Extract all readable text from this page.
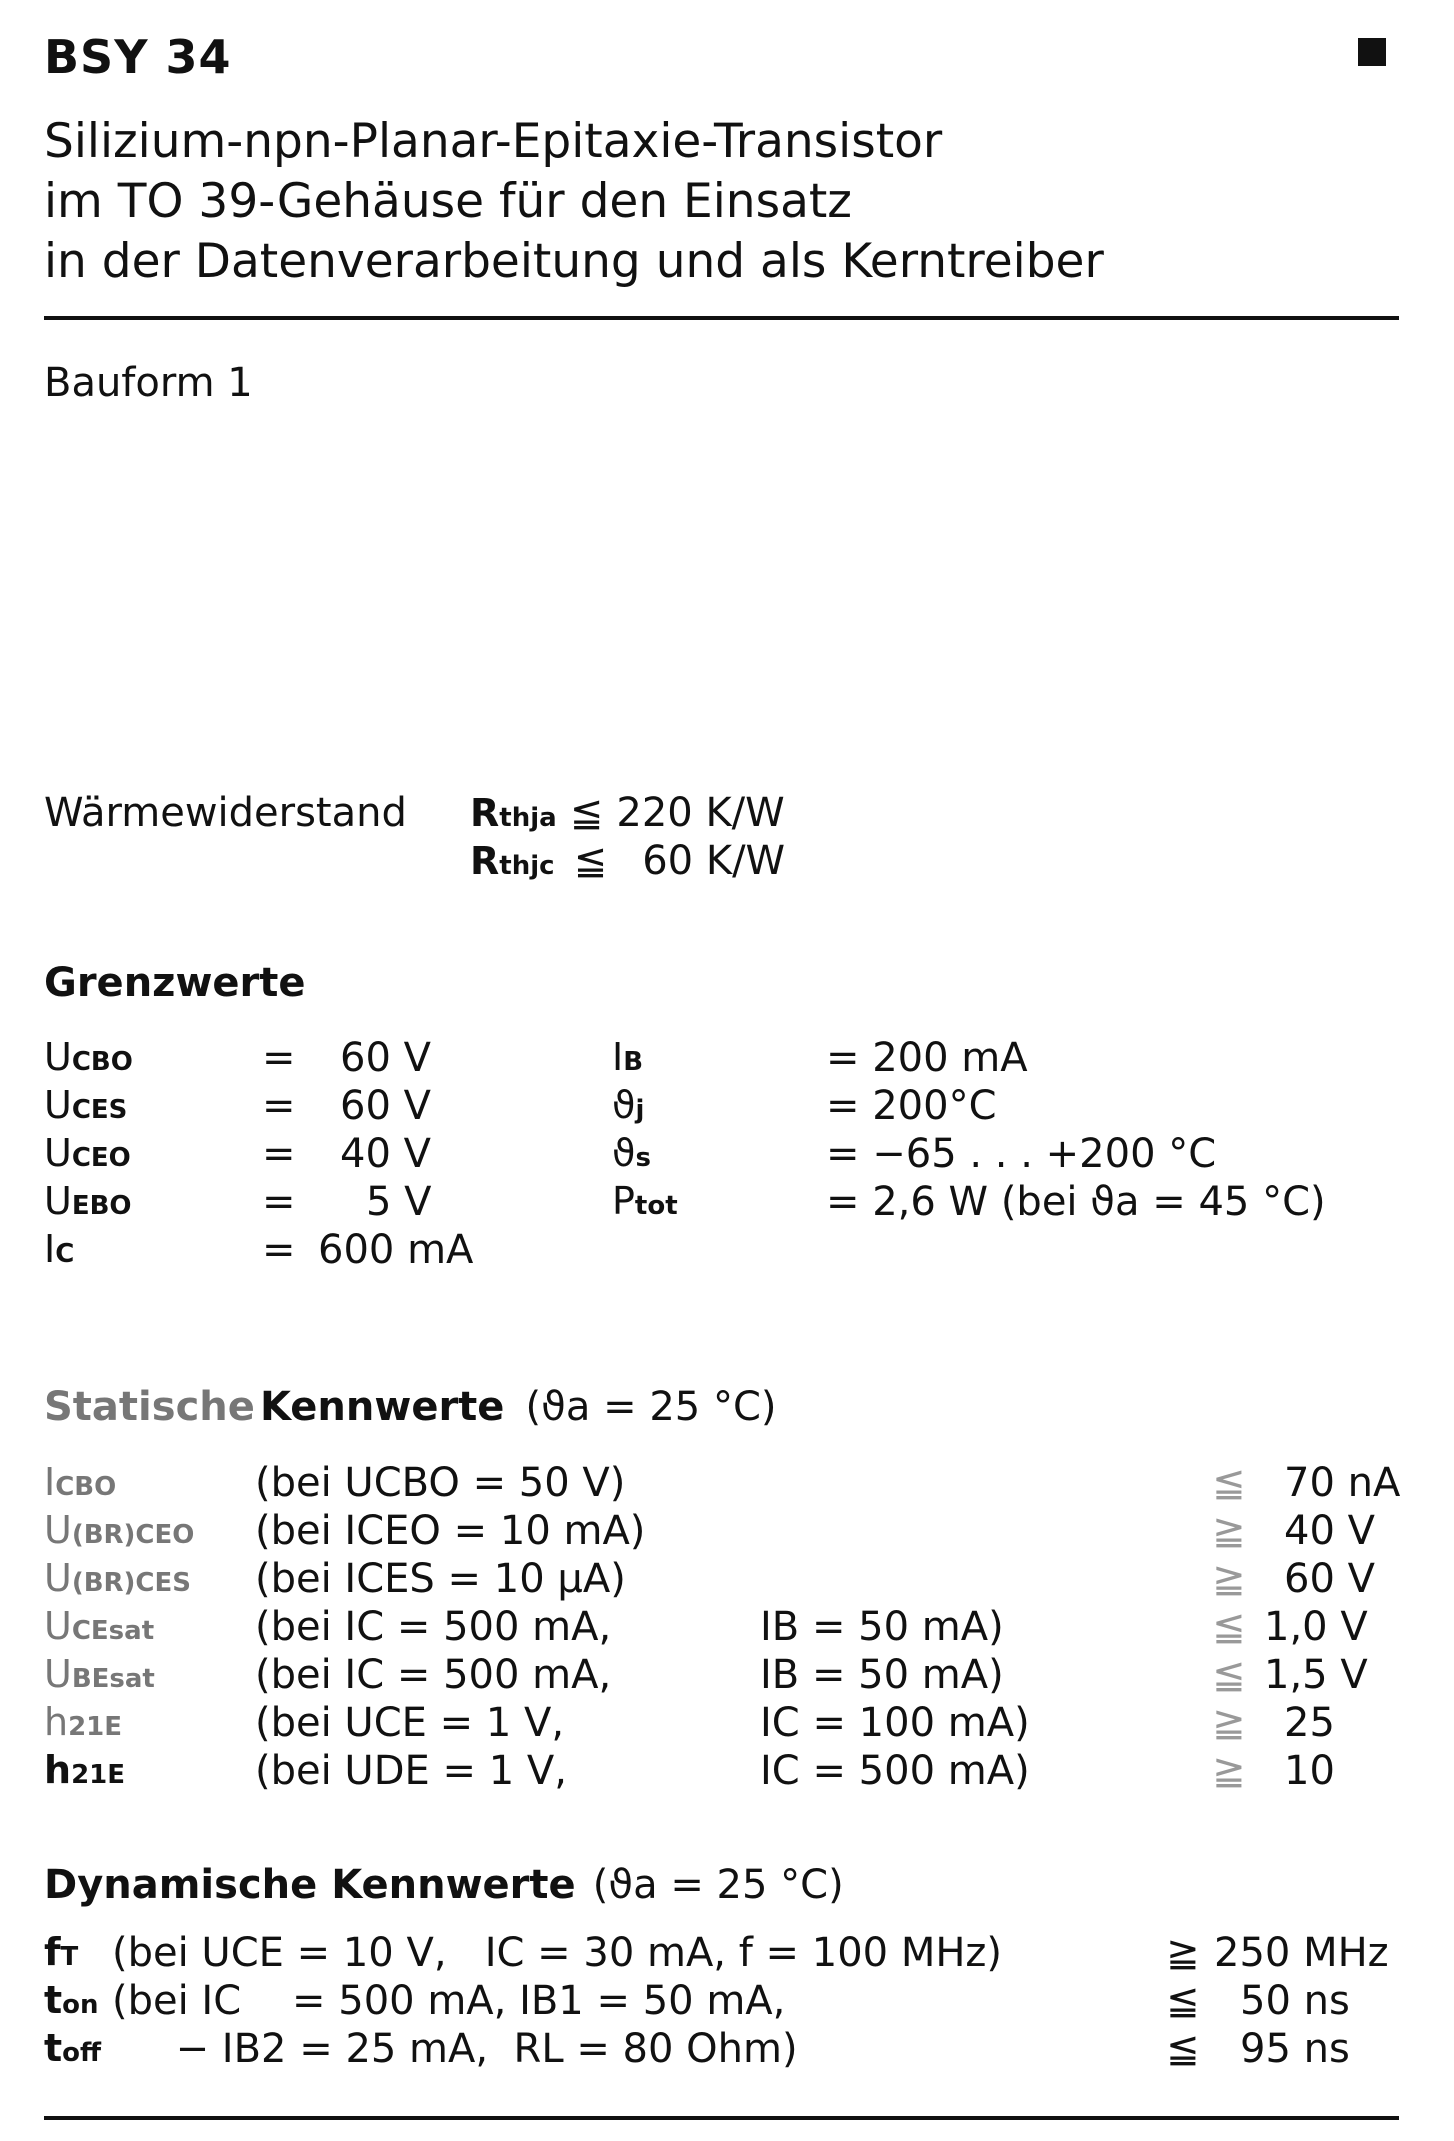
BSY 34
Silizium-npn-Planar-Epitaxie-Transistor
im TO 39-Gehäuse für den Einsatz
in der Datenverarbeitung und als Kerntreiber
Bauform 1
Wärmewiderstand Rthja ≦ 220 K/W
Rthjc ≦ 60 K/W
Grenzwerte
UCBO	= 60 V
UCES	= 60 V
UCEO	= 40 V
UEBO	= 5 V
IC	= 600 mA
IB	= 200 mA
ϑj	= 200°C
ϑs	= −65 . . . +200 °C
Ptot	= 2,6 W (bei ϑa = 45 °C)
Statische Kennwerte (ϑa = 25 °C)
ICBO	(bei UCBO = 50 V)	≦ 70 nA
U(BR)CEO (bei ICEO = 10 mA)	≧ 40 V
U(BR)CES (bei ICES = 10 μA)	≧ 60 V
UCEsat	(bei IC = 500 mA,	IB = 50 mA)	≦ 1,0 V
UBEsat	(bei IC = 500 mA,	IB = 50 mA)	≦ 1,5 V
h21E	(bei UCE = 1 V,	IC = 100 mA)	≧ 25
h21E	(bei UDE = 1 V,	IC = 500 mA)	≧ 10
Dynamische Kennwerte (ϑa = 25 °C)
fT (bei UCE = 10 V,   IC = 30 mA, f = 100 MHz)	≧ 250 MHz
ton (bei IC    = 500 mA, IB1 = 50 mA,	≦ 50 ns
toff − IB2 = 25 mA,  RL = 80 Ohm)	≦ 95 ns
